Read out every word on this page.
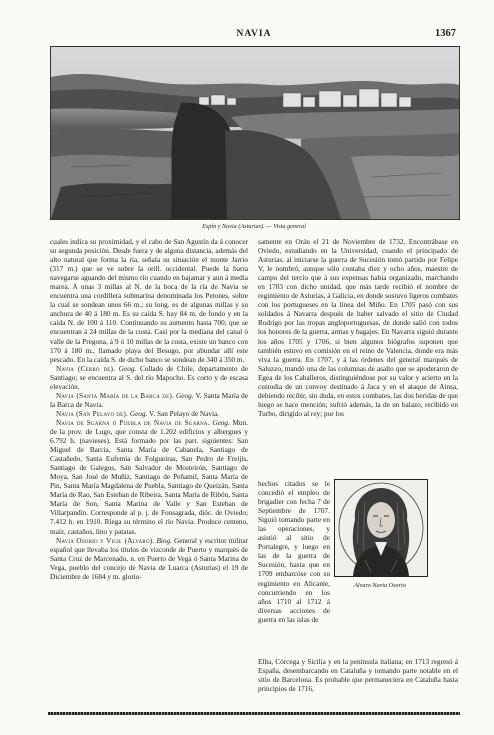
NAVIA	1367
Espín y Navia (Asturias). — Vista general

cuales indica su proximidad, y el cabo de San Agustín da á conocer su segunda posición. Desde fuera y de alguna distancia, además del alto natural que forma la ría, señala su situación el monte Jarrio (317 m.) que se ve sobre la orill. occidental. Puede la barra navegarse aguando del mismo río cuando en bajamar y aun á media marea. A unas 3 millas al N. de la boca de la ría de Navia se encuentra una cordillera submarina denominada los Petones, sobre la cual se sondean unos 66 m.; su long. es de algunas millas y su anchura de 40 á 180 m. Es su caída S. hay 84 m. de fondo y en la caída N. de 100 á 110. Continuando su aumento hasta 700, que se encuentran á 24 millas de la costa. Casi por la mediana del canal ó valle de la Pregona, á 9 ó 10 millas de la costa, existe un banco con 170 á 180 m., llamado playa del Besugo, por abundar allí este pescado. En la caída S. de dicho banco se sondean de 340 á 350 m.

Navia (Cerro de). Geog. Collado de Chile, departamento de Santiago; se encuentra al S. del río Mapocho. Es corto y de escasa elevación.

Navia (Santa María de la Barca de). Geog. V. Santa María de la Barca de Navia.

Navia (San Pelayo de). Geog. V. San Pelayo de Navia.

Navia de Suarna ó Puebla de Navia de Suarna. Geog. Mun. de la prov. de Lugo, que consta de 1.202 edificios y albergues y 6.792 h. (navieses). Está formado por las parr. siguientes: San Miguel de Barcia, Santa María de Cabanela, Santiago de Castañedo, Santa Eufemia de Folgueiras, San Pedro de Freijís, Santiago de Galegos, San Salvador de Mosteirón, Santiago de Moya, San José de Muñiz, Santiago de Peñamil, Santa María de Pin, Santa María Magdalena de Puebla, Santiago de Queizán, Santa María de Rao, San Esteban de Ribeira, Santa María de Ribón, Santa María de Son, Santa Marina de Valle y San Esteban de Villarpandín. Corresponde al p. j. de Fonsagrada, dióc. de Oviedo; 7.412 h. en 1910. Riega su término el río Navia. Produce centeno, maíz, castaños, lino y patatas.

Navia Osorio y Vigil (Alvaro). Biog. General y escritor militar español que llevaba los títulos de vizconde de Puerto y marqués de Santa Cruz de Marcenado, n. en Puerto de Vega ó Santa Marina de Vega, pueblo del concejo de Navia de Luarca (Asturias) el 19 de Diciembre de 1684 y m. glorio-

samente en Orán el 21 de Noviembre de 1732. Encontrábase en Oviedo, estudiando en la Universidad, cuando el principado de Asturias, al iniciarse la guerra de Sucesión tomó partido por Felipe V, le nombró, aunque sólo contaba diez y ocho años, maestre de campo del tercio que á sus expensas había organizado, marchando en 1703 con dicho unidad, que más tarde recibió el nombre de regimiento de Asturias, á Galicia, en donde sostuvo ligeros combates con los portugueses en la línea del Miño. En 1705 pasó con sus soldados á Navarra después de haber salvado el sitio de Ciudad Rodrigo por las tropas angloportuguesas, de donde salió con todos los honores de la guerra, armas y bagajes. En Navarra siguió durante los años 1705 y 1706, si bien algunos biógrafos suponen que también estuvo en comisión en el reino de Valencia, donde era más viva la guerra. En 1707, y á las órdenes del general marqués de Saluzzo, mandó una de las columnas de asalto que se apoderaron de Egea de los Caballeros, distinguiéndose por su valor y acierto en la custodia de un convoy destinado á Jaca y en el ataque de Ainsa, debiendo recibir, sin duda, en estos combates, las dos heridas de que luego se hace mención; sufrió además, la de un balazo, recibido en Turbo, dirigido al rey; por los

hechos citados se le concedió el empleo de brigadier con fecha 7 de Septiembre de 1707. Siguió tomando parte en las operaciones, y asistió al sitio de Portalegre, y luego en las de la guerra de Sucesión, hasta que en 1709 embarcóse con su regimiento en Alicante, concurriendo en los años 1710 al 1712 á diversas acciones de guerra en las islas de
Alvaro Navia Osorio

Elba, Córcega y Sicilia y en la península italiana; en 1713 regresó á España, desembarcando en Cataluña y tomando parte notable en el sitio de Barcelona. Es probable que permaneciera en Cataluña hasta principios de 1716,
